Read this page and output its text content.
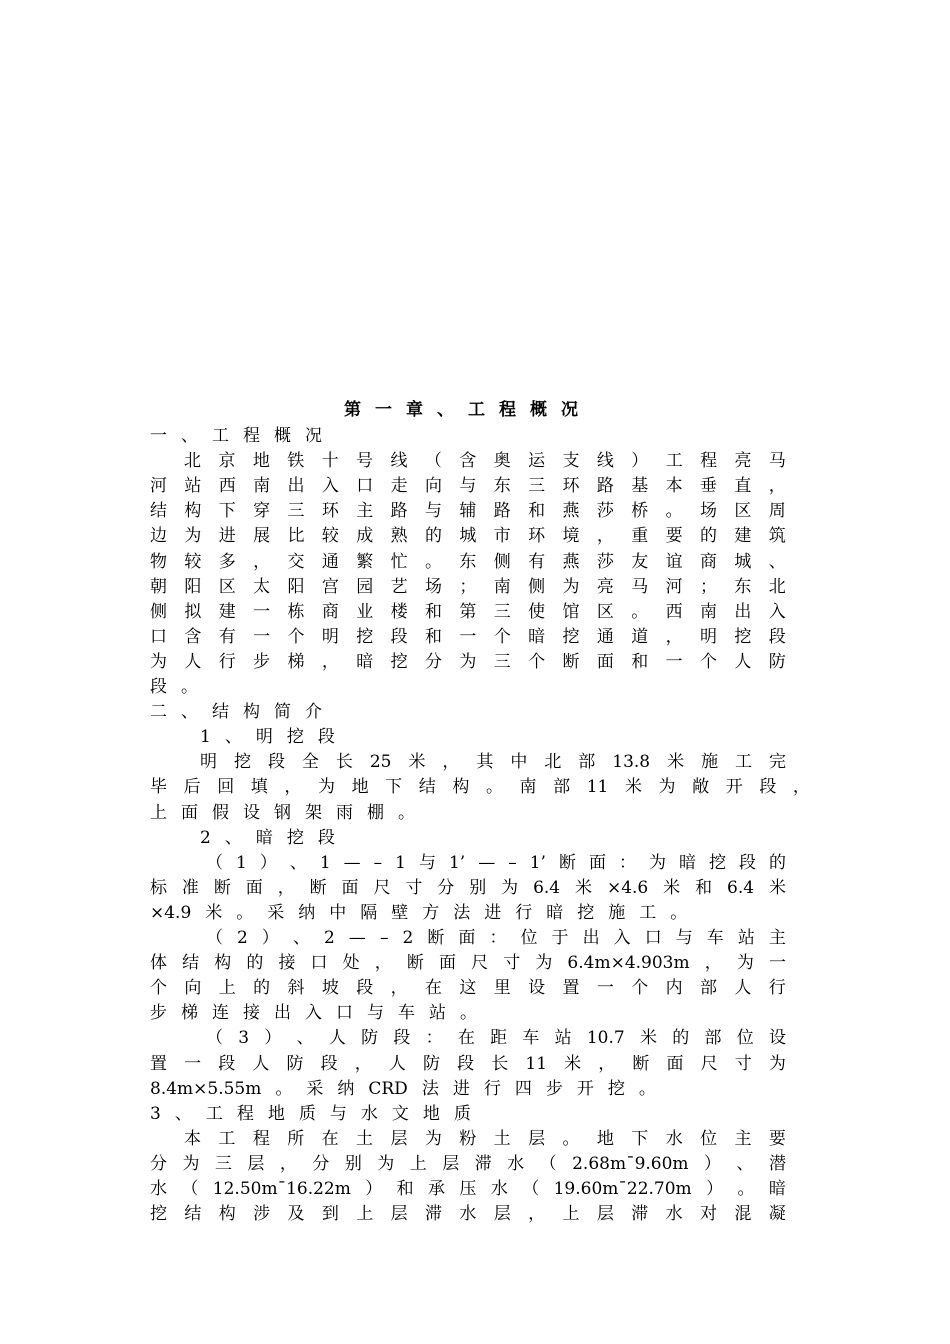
第一章、工程概况

一 、 工 程 概 况

北 京 地 铁 十 号 线 （ 含 奥 运 支 线 ） 工 程 亮 马

河 站 西 南 出 入 口 走 向 与 东 三 环 路 基 本 垂 直 ，

结 构 下 穿 三 环 主 路 与 辅 路 和 燕 莎 桥 。 场 区 周

边 为 进 展 比 较 成 熟 的 城 市 环 境 ， 重 要 的 建 筑

物 较 多 ， 交 通 繁 忙 。 东 侧 有 燕 莎 友 谊 商 城 、

朝 阳 区 太 阳 宫 园 艺 场 ； 南 侧 为 亮 马 河 ； 东 北

侧 拟 建 一 栋 商 业 楼 和 第 三 使 馆 区 。 西 南 出 入

口 含 有 一 个 明 挖 段 和 一 个 暗 挖 通 道 ， 明 挖 段

为 人 行 步 梯 ， 暗 挖 分 为 三 个 断 面 和 一 个 人 防

段 。

二 、 结 构 简 介

1 、 明 挖 段

明 挖 段 全 长 25 米 ， 其 中 北 部 13.8 米 施 工 完

毕 后 回 填 ， 为 地 下 结 构 。 南 部 11 米 为 敞 开 段 ，

上 面 假 设 钢 架 雨 棚 。

2 、 暗 挖 段

（ 1 ） 、 1 — – 1 与 1’ — – 1’ 断 面 ： 为 暗 挖 段 的

标 准 断 面 ， 断 面 尺 寸 分 别 为 6.4 米 ×4.6 米 和 6.4 米

×4.9 米 。 采 纳 中 隔 壁 方 法 进 行 暗 挖 施 工 。

（ 2 ） 、 2 — – 2 断 面 ： 位 于 出 入 口 与 车 站 主

体 结 构 的 接 口 处 ， 断 面 尺 寸 为 6.4m×4.903m ， 为 一

个 向 上 的 斜 坡 段 ， 在 这 里 设 置 一 个 内 部 人 行

步 梯 连 接 出 入 口 与 车 站 。

（ 3 ） 、 人 防 段 ： 在 距 车 站 10.7 米 的 部 位 设

置 一 段 人 防 段 ， 人 防 段 长 11 米 ， 断 面 尺 寸 为

8.4m×5.55m 。 采 纳 CRD 法 进 行 四 步 开 挖 。

3 、 工 程 地 质 与 水 文 地 质

本 工 程 所 在 土 层 为 粉 土 层 。 地 下 水 位 主 要

分 为 三 层 ， 分 别 为 上 层 滞 水 （ 2.68m¯9.60m ） 、 潜

水 （ 12.50m¯16.22m ） 和 承 压 水 （ 19.60m¯22.70m ） 。 暗

挖 结 构 涉 及 到 上 层 滞 水 层 ， 上 层 滞 水 对 混 凝
